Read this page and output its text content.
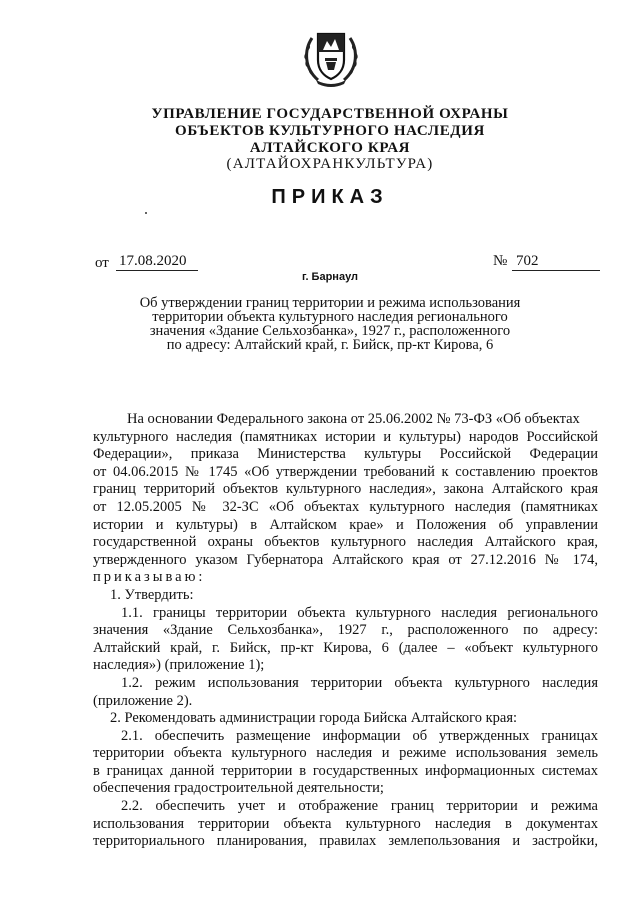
УПРАВЛЕНИЕ ГОСУДАРСТВЕННОЙ ОХРАНЫ
ОБЪЕКТОВ КУЛЬТУРНОГО НАСЛЕДИЯ
АЛТАЙСКОГО КРАЯ
(АЛТАЙОХРАНКУЛЬТУРА)
ПРИКАЗ
от 17.08.2020	№ 702
г. Барнаул
Об утверждении границ территории и режима использования
территории объекта культурного наследия регионального
значения «Здание Сельхозбанка», 1927 г., расположенного
по адресу: Алтайский край, г. Бийск, пр-кт Кирова, 6
На основании Федерального закона от 25.06.2002 № 73-ФЗ «Об объектах
культурного наследия (памятниках истории и культуры) народов Российской
Федерации», приказа Министерства культуры Российской Федерации
от 04.06.2015 № 1745 «Об утверждении требований к составлению проектов
границ территорий объектов культурного наследия», закона Алтайского края
от 12.05.2005 № 32-ЗС «Об объектах культурного наследия (памятниках
истории и культуры) в Алтайском крае» и Положения об управлении
государственной охраны объектов культурного наследия Алтайского края,
утвержденного указом Губернатора Алтайского края от 27.12.2016 № 174,
приказываю:
1. Утвердить:
1.1. границы территории объекта культурного наследия регионального
значения «Здание Сельхозбанка», 1927 г., расположенного по адресу:
Алтайский край, г. Бийск, пр-кт Кирова, 6 (далее – «объект культурного
наследия») (приложение 1);
1.2. режим использования территории объекта культурного наследия
(приложение 2).
2. Рекомендовать администрации города Бийска Алтайского края:
2.1. обеспечить размещение информации об утвержденных границах
территории объекта культурного наследия и режиме использования земель
в границах данной территории в государственных информационных системах
обеспечения градостроительной деятельности;
2.2. обеспечить учет и отображение границ территории и режима
использования территории объекта культурного наследия в документах
территориального планирования, правилах землепользования и застройки,
